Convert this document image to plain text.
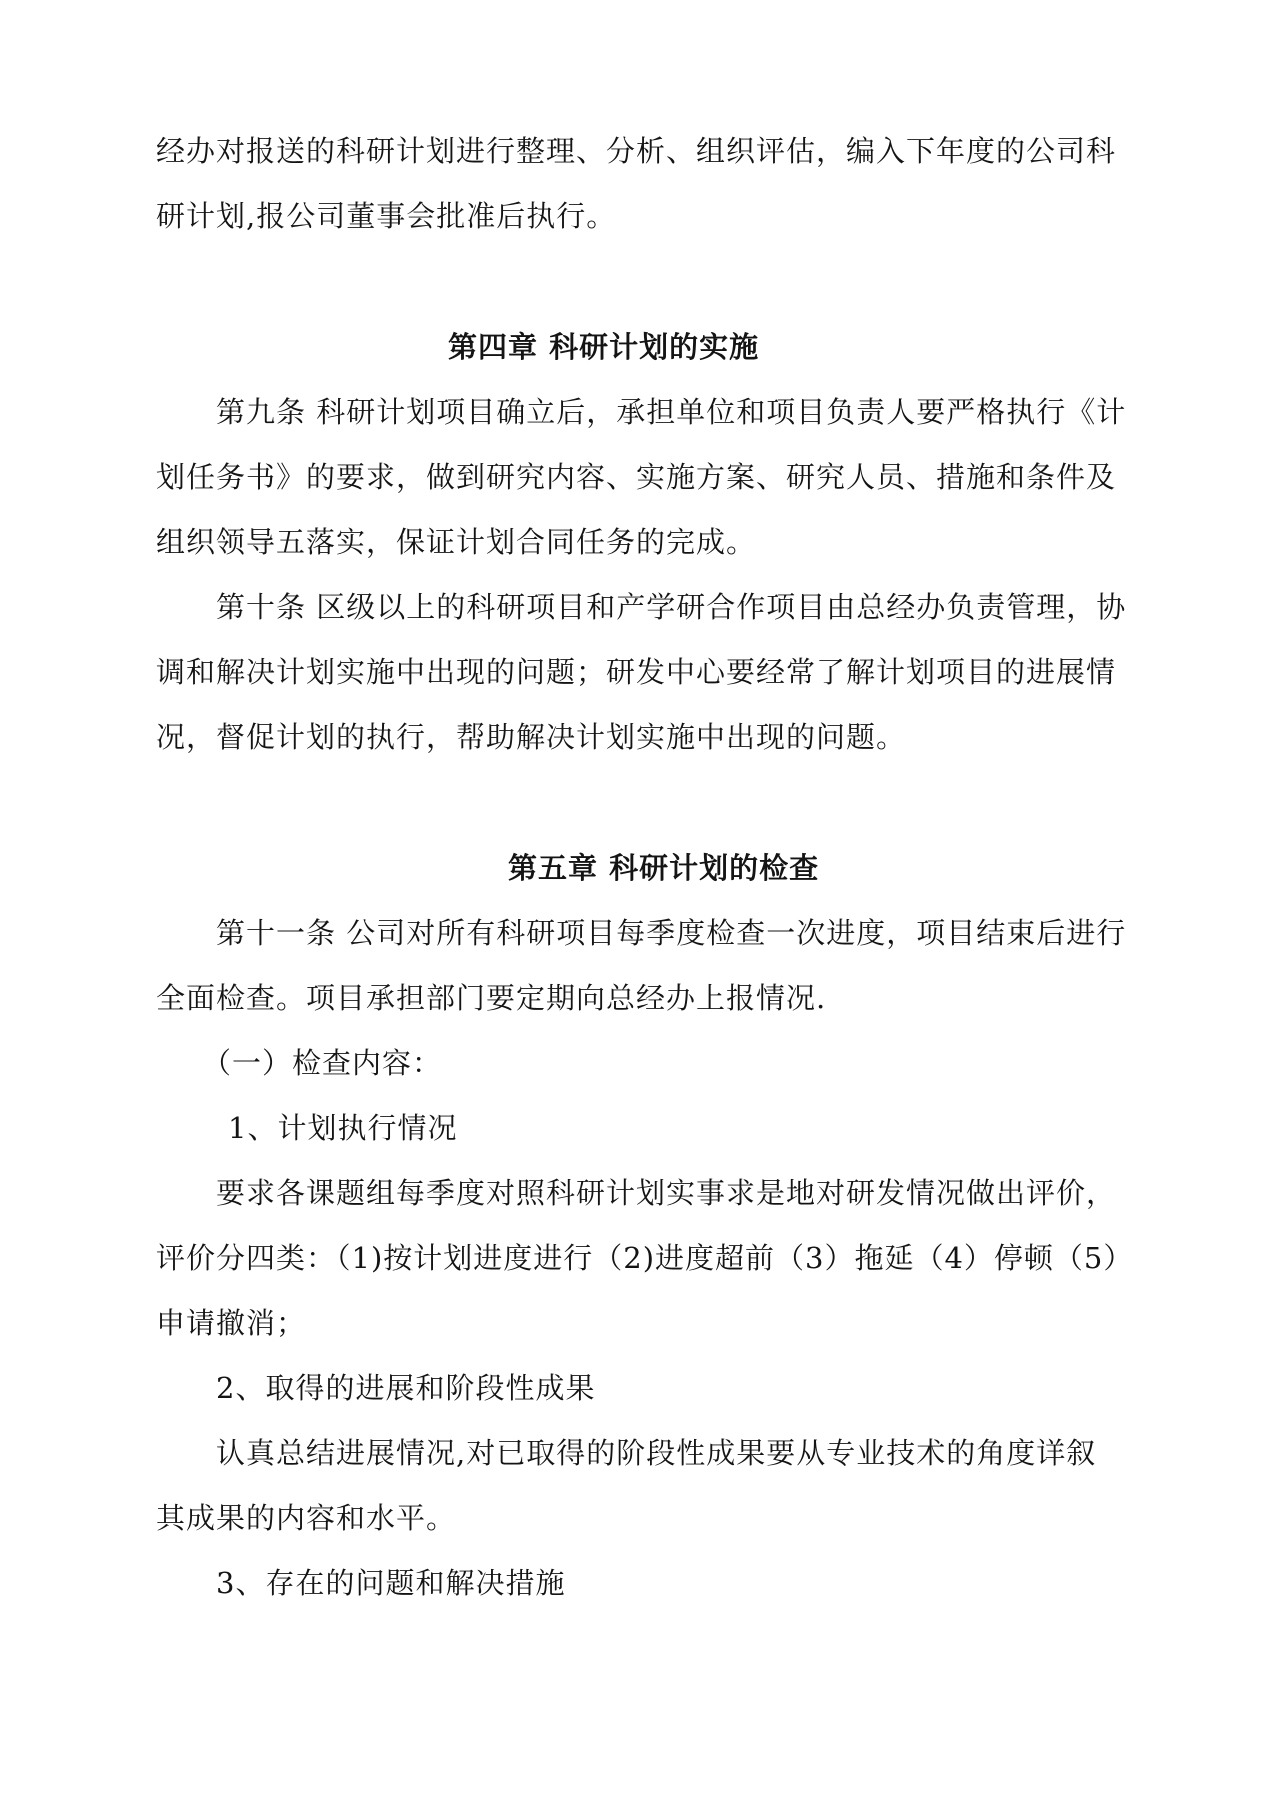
经办对报送的科研计划进行整理、分析、组织评估，编入下年度的公司科
研计划,报公司董事会批准后执行。
第四章 科研计划的实施
第九条 科研计划项目确立后，承担单位和项目负责人要严格执行《计
划任务书》的要求，做到研究内容、实施方案、研究人员、措施和条件及
组织领导五落实，保证计划合同任务的完成。
第十条 区级以上的科研项目和产学研合作项目由总经办负责管理，协
调和解决计划实施中出现的问题；研发中心要经常了解计划项目的进展情
况，督促计划的执行，帮助解决计划实施中出现的问题。
第五章 科研计划的检查
第十一条 公司对所有科研项目每季度检查一次进度，项目结束后进行
全面检查。项目承担部门要定期向总经办上报情况.
（一）检查内容：
1、计划执行情况
要求各课题组每季度对照科研计划实事求是地对研发情况做出评价，
评价分四类：（1)按计划进度进行（2)进度超前（3）拖延（4）停顿（5）
申请撤消；
2、取得的进展和阶段性成果
认真总结进展情况,对已取得的阶段性成果要从专业技术的角度详叙
其成果的内容和水平。
3、存在的问题和解决措施
